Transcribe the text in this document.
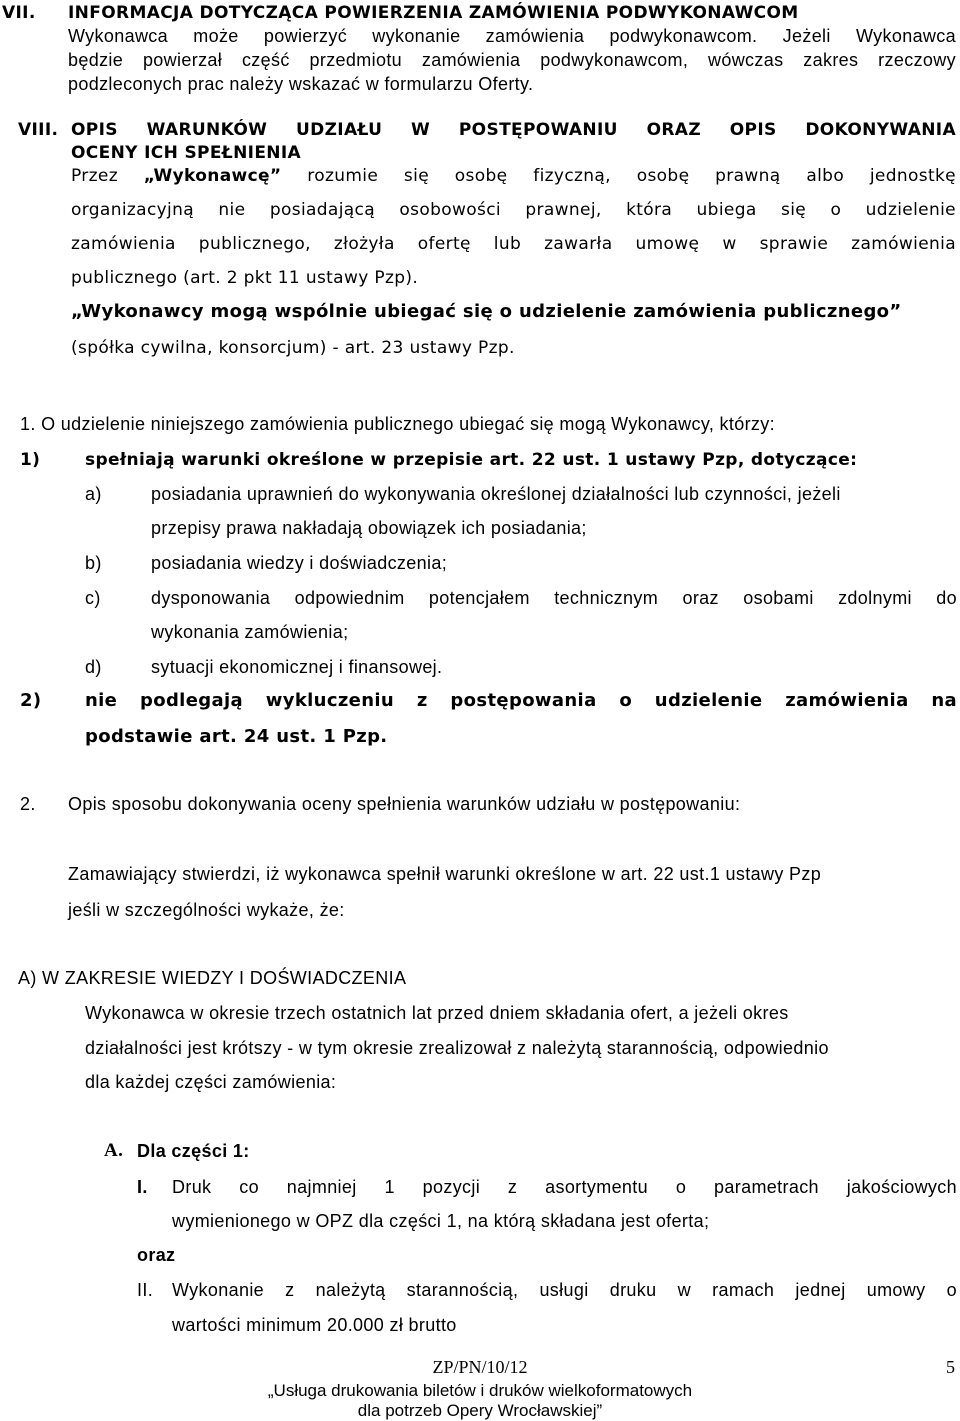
VII. INFORMACJA DOTYCZĄCA POWIERZENIA ZAMÓWIENIA PODWYKONAWCOM
Wykonawca może powierzyć wykonanie zamówienia podwykonawcom. Jeżeli Wykonawca
będzie powierzał część przedmiotu zamówienia podwykonawcom, wówczas zakres rzeczowy
podzleconych prac należy wskazać w formularzu Oferty.
VIII. OPIS WARUNKÓW UDZIAŁU W POSTĘPOWANIU ORAZ OPIS DOKONYWANIA
OCENY ICH SPEŁNIENIA
Przez „Wykonawcę” rozumie się osobę fizyczną, osobę prawną albo jednostkę
organizacyjną nie posiadającą osobowości prawnej, która ubiega się o udzielenie
zamówienia publicznego, złożyła ofertę lub zawarła umowę w sprawie zamówienia
publicznego (art. 2 pkt 11 ustawy Pzp).
„Wykonawcy mogą wspólnie ubiegać się o udzielenie zamówienia publicznego”
(spółka cywilna, konsorcjum) - art. 23 ustawy Pzp.
1. O udzielenie niniejszego zamówienia publicznego ubiegać się mogą Wykonawcy, którzy:
1)	spełniają warunki określone w przepisie art. 22 ust. 1 ustawy Pzp, dotyczące:
a)	posiadania uprawnień do wykonywania określonej działalności lub czynności, jeżeli
przepisy prawa nakładają obowiązek ich posiadania;
b)	posiadania wiedzy i doświadczenia;
c)	dysponowania odpowiednim potencjałem technicznym oraz osobami zdolnymi do
wykonania zamówienia;
d)	sytuacji ekonomicznej i finansowej.
2) nie podlegają wykluczeniu z postępowania o udzielenie zamówienia na
podstawie art. 24 ust. 1 Pzp.
2. Opis sposobu dokonywania oceny spełnienia warunków udziału w postępowaniu:
Zamawiający stwierdzi, iż wykonawca spełnił warunki określone w art. 22 ust.1 ustawy Pzp
jeśli w szczególności wykaże, że:
A) W ZAKRESIE WIEDZY I DOŚWIADCZENIA
Wykonawca w okresie trzech ostatnich lat przed dniem składania ofert, a jeżeli okres
działalności jest krótszy - w tym okresie zrealizował z należytą starannością, odpowiednio
dla każdej części zamówienia:
A. Dla części 1:
I. Druk co najmniej 1 pozycji z asortymentu o parametrach jakościowych
wymienionego w OPZ dla części 1, na którą składana jest oferta;
oraz
II. Wykonanie z należytą starannością, usługi druku w ramach jednej umowy o
wartości minimum 20.000 zł brutto
ZP/PN/10/12	5
„Usługa drukowania biletów i druków wielkoformatowych
dla potrzeb Opery Wrocławskiej”
